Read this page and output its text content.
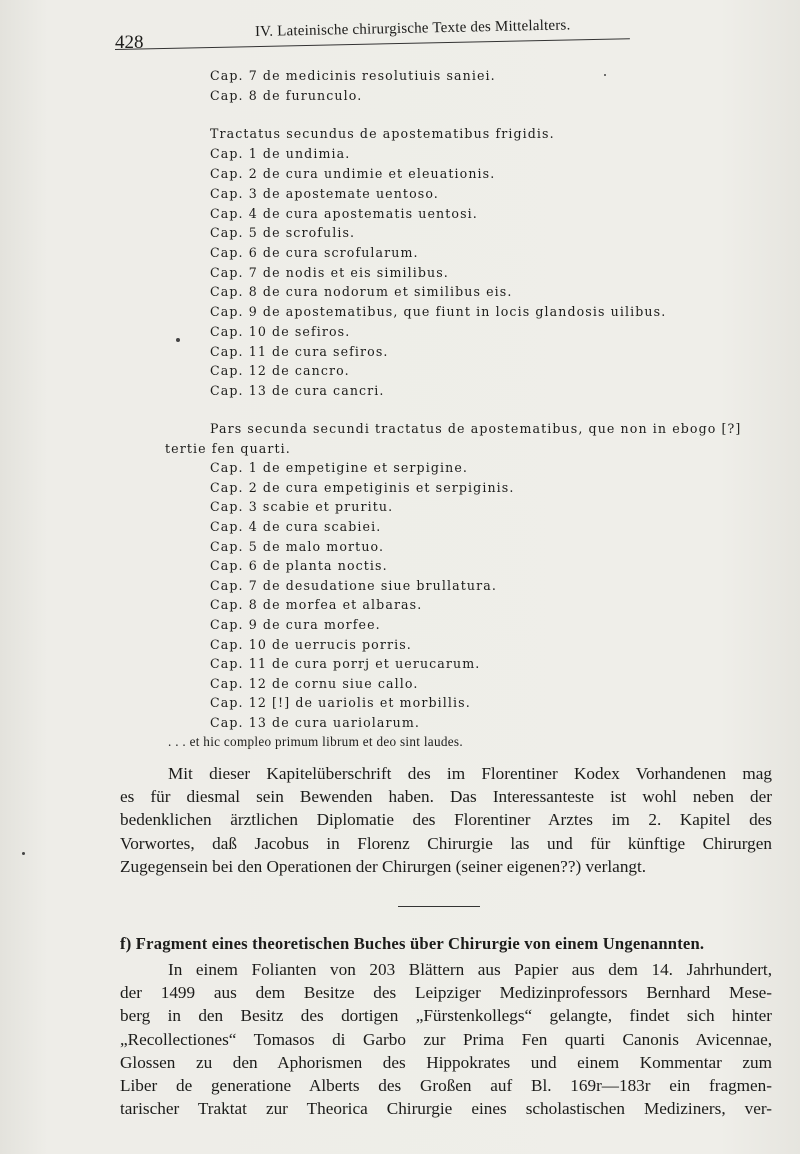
428
IV. Lateinische chirurgische Texte des Mittelalters.
Cap. 7 de medicinis resolutiuis saniei.
Cap. 8 de furunculo.
Tractatus secundus de apostematibus frigidis.
Cap. 1 de undimia.
Cap. 2 de cura undimie et eleuationis.
Cap. 3 de apostemate uentoso.
Cap. 4 de cura apostematis uentosi.
Cap. 5 de scrofulis.
Cap. 6 de cura scrofularum.
Cap. 7 de nodis et eis similibus.
Cap. 8 de cura nodorum et similibus eis.
Cap. 9 de apostematibus, que fiunt in locis glandosis uilibus.
Cap. 10 de sefiros.
Cap. 11 de cura sefiros.
Cap. 12 de cancro.
Cap. 13 de cura cancri.
Pars secunda secundi tractatus de apostematibus, que non in ebogo [?]
tertie fen quarti.
Cap. 1 de empetigine et serpigine.
Cap. 2 de cura empetiginis et serpiginis.
Cap. 3 scabie et pruritu.
Cap. 4 de cura scabiei.
Cap. 5 de malo mortuo.
Cap. 6 de planta noctis.
Cap. 7 de desudatione siue brullatura.
Cap. 8 de morfea et albaras.
Cap. 9 de cura morfee.
Cap. 10 de uerrucis porris.
Cap. 11 de cura porrj et uerucarum.
Cap. 12 de cornu siue callo.
Cap. 12 [!] de uariolis et morbillis.
Cap. 13 de cura uariolarum.
. . . et hic compleo primum librum et deo sint laudes.
Mit dieser Kapitelüberschrift des im Florentiner Kodex Vorhandenen mag
es für diesmal sein Bewenden haben. Das Interessanteste ist wohl neben der
bedenklichen ärztlichen Diplomatie des Florentiner Arztes im 2. Kapitel des
Vorwortes, daß Jacobus in Florenz Chirurgie las und für künftige Chirurgen
Zugegensein bei den Operationen der Chirurgen (seiner eigenen??) verlangt.
f) Fragment eines theoretischen Buches über Chirurgie von einem Ungenannten.
In einem Folianten von 203 Blättern aus Papier aus dem 14. Jahrhundert,
der 1499 aus dem Besitze des Leipziger Medizinprofessors Bernhard Mese-
berg in den Besitz des dortigen „Fürstenkollegs“ gelangte, findet sich hinter
„Recollectiones“ Tomasos di Garbo zur Prima Fen quarti Canonis Avicennae,
Glossen zu den Aphorismen des Hippokrates und einem Kommentar zum
Liber de generatione Alberts des Großen auf Bl. 169r—183r ein fragmen-
tarischer Traktat zur Theorica Chirurgie eines scholastischen Mediziners, ver-
